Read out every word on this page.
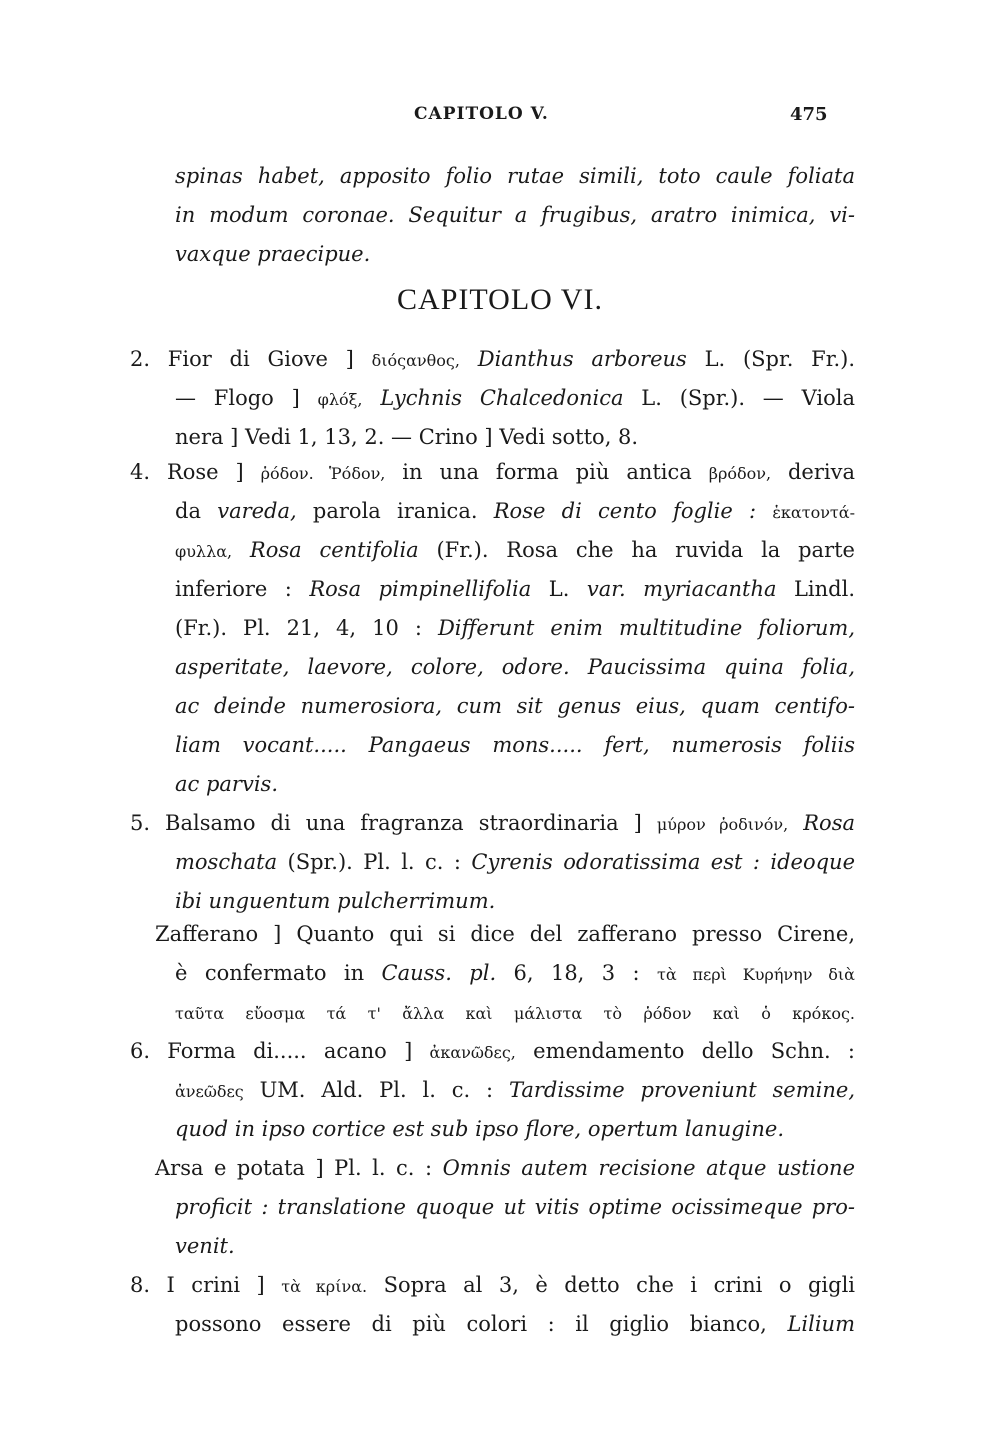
CAPITOLO V.	475
CAPITOLO VI.
spinas habet, apposito folio rutae simili, toto caule foliata
in modum coronae. Sequitur a frugibus, aratro inimica, vi-
vaxque praecipue.
2. Fior di Giove ] διόςανθος, Dianthus arboreus L. (Spr. Fr.).
— Flogo ] φλόξ, Lychnis Chalcedonica L. (Spr.). — Viola
nera ] Vedi 1, 13, 2. — Crino ] Vedi sotto, 8.
4. Rose ] ῥόδον. Ῥόδον, in una forma più antica βρόδον, deriva
da vareda, parola iranica. Rose di cento foglie : ἑκατοντά-
φυλλα, Rosa centifolia (Fr.). Rosa che ha ruvida la parte
inferiore : Rosa pimpinellifolia L. var. myriacantha Lindl.
(Fr.). Pl. 21, 4, 10 : Differunt enim multitudine foliorum,
asperitate, laevore, colore, odore. Paucissima quina folia,
ac deinde numerosiora, cum sit genus eius, quam centifo-
liam vocant..... Pangaeus mons..... fert, numerosis foliis
ac parvis.
5. Balsamo di una fragranza straordinaria ] μύρον ῥοδινόν, Rosa
moschata (Spr.). Pl. l. c. : Cyrenis odoratissima est : ideoque
ibi unguentum pulcherrimum.
Zafferano ] Quanto qui si dice del zafferano presso Cirene,
è confermato in Causs. pl. 6, 18, 3 : τὰ περὶ Κυρήνην διὰ
ταῦτα εὔοσμα τά τ' ἄλλα καὶ μάλιστα τὸ ῥόδον καὶ ὁ κρόκος.
6. Forma di..... acano ] ἀκανῶδες, emendamento dello Schn. :
ἀνεῶδες UM. Ald. Pl. l. c. : Tardissime proveniunt semine,
quod in ipso cortice est sub ipso flore, opertum lanugine.
Arsa e potata ] Pl. l. c. : Omnis autem recisione atque ustione
proficit : translatione quoque ut vitis optime ocissimeque pro-
venit.
8. I crini ] τὰ κρίνα. Sopra al 3, è detto che i crini o gigli
possono essere di più colori : il giglio bianco, Lilium
